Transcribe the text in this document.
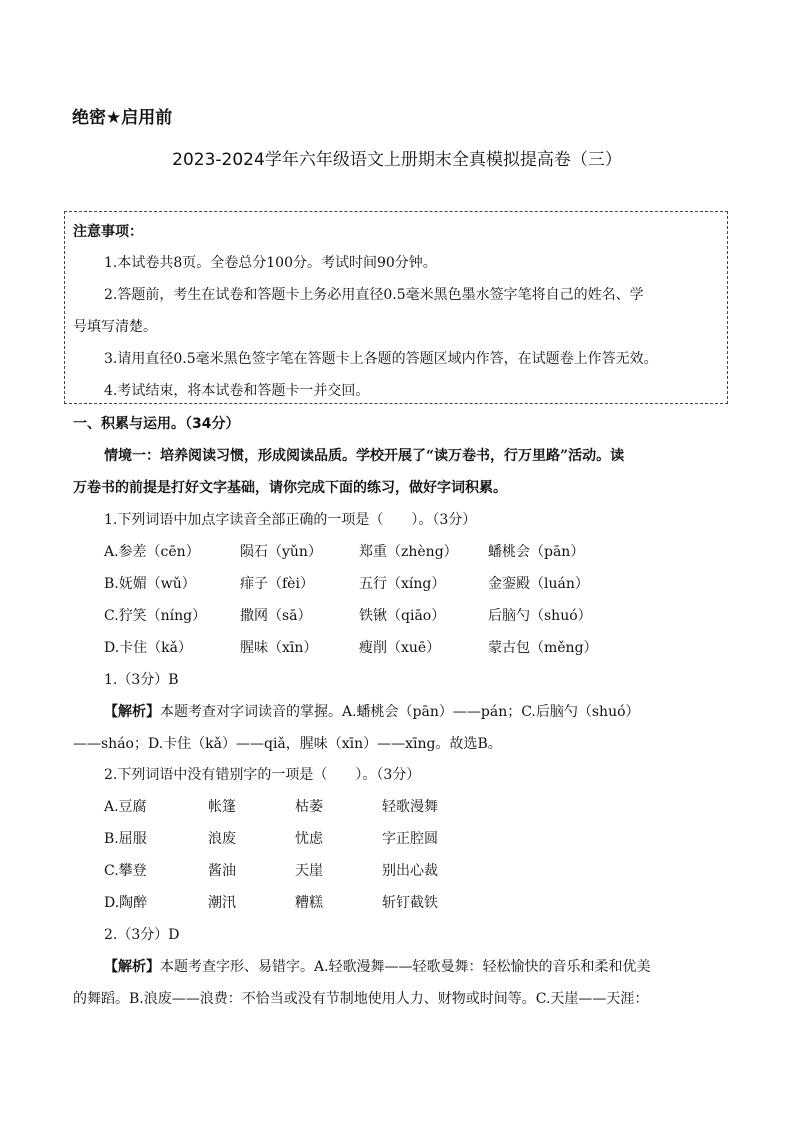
绝密★启用前
2023-2024学年六年级语文上册期末全真模拟提高卷（三）
注意事项：
1.本试卷共8页。全卷总分100分。考试时间90分钟。
2.答题前，考生在试卷和答题卡上务必用直径0.5毫米黑色墨水签字笔将自己的姓名、学
号填写清楚。
3.请用直径0.5毫米黑色签字笔在答题卡上各题的答题区域内作答，在试题卷上作答无效。
4.考试结束，将本试卷和答题卡一并交回。
一、积累与运用。（34分）
情境一：培养阅读习惯，形成阅读品质。学校开展了“读万卷书，行万里路”活动。读
万卷书的前提是打好文字基础，请你完成下面的练习，做好字词积累。
1.下列词语中加点字读音全部正确的一项是（　　）。（3分）
A.参差（cēn）	陨石（yǔn）	郑重（zhèng） 蟠桃会（pān）
B.妩媚（wǔ）	痱子（fèi）	五行（xíng）	金銮殿（luán）
C.狞笑（níng） 撒网（sā）	铁锹（qiāo）	后脑勺（shuó）
D.卡住（kǎ）	腥味（xīn）	瘦削（xuē）	蒙古包（měng）
1.（3分）B
【解析】本题考查对字词读音的掌握。A.蟠桃会（pān）——pán；C.后脑勺（shuó）
——sháo；D.卡住（kǎ）——qiǎ，腥味（xīn）——xīng。故选B。
2.下列词语中没有错别字的一项是（　　）。（3分）
A.豆腐	帐篷	枯萎	轻歌漫舞
B.屈服	浪废	忧虑	字正腔圆
C.攀登	酱油	天崖	别出心裁
D.陶醉	潮汛	糟糕	斩钉截铁
2.（3分）D
【解析】本题考查字形、易错字。A.轻歌漫舞——轻歌曼舞：轻松愉快的音乐和柔和优美
的舞蹈。B.浪废——浪费：不恰当或没有节制地使用人力、财物或时间等。C.天崖——天涯：
